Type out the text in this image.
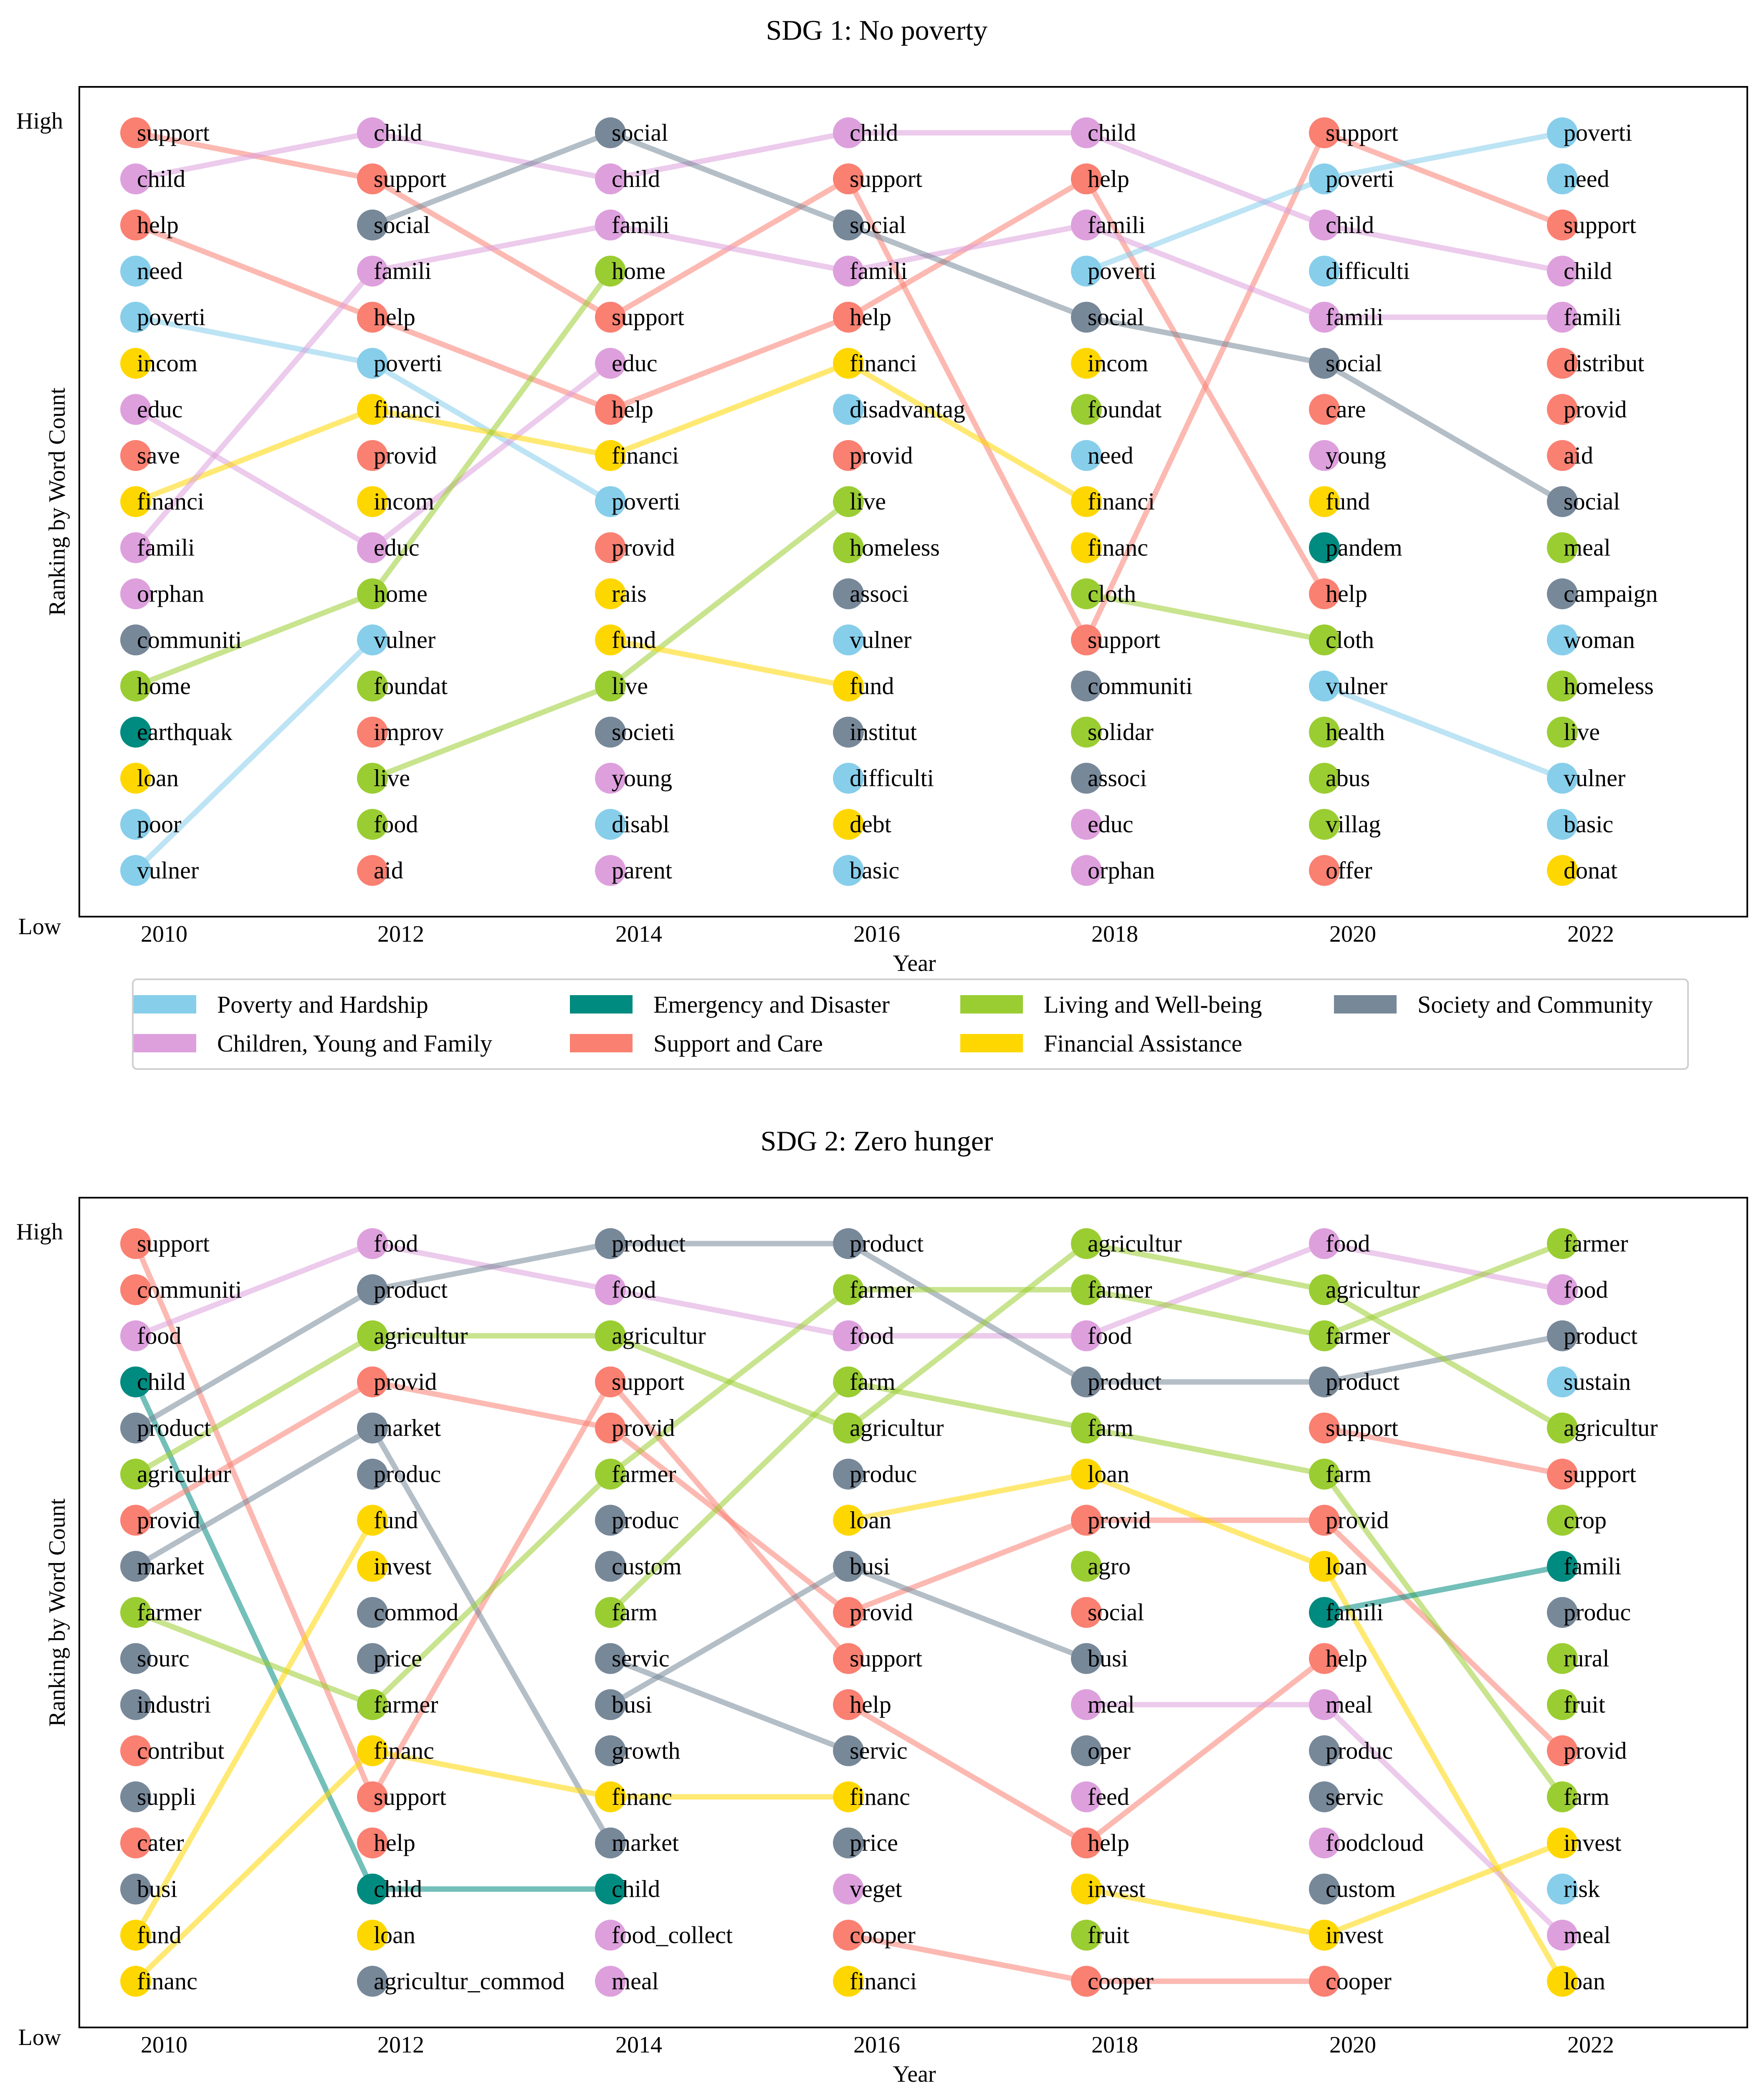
SDG 1: No poverty
High
Low
Ranking by Word Count
2010	2012	2014	2016	2018	2020	2022
Year
support
child
help
need
poverti
incom
educ
save
financi
famili
orphan
communiti
home
earthquak
loan
poor
vulner
child
support
social
famili
help
poverti
financi
provid
incom
educ
home
vulner
foundat
improv
live
food
aid
social
child
famili
home
support
educ
help
financi
poverti
provid
rais
fund
live
societi
young
disabl
parent
child
support
social
famili
help
financi
disadvantag
provid
live
homeless
associ
vulner
fund
institut
difficulti
debt
basic
child
help
famili
poverti
social
incom
foundat
need
financi
financ
cloth
support
communiti
solidar
associ
educ
orphan
support
poverti
child
difficulti
famili
social
care
young
fund
pandem
help
cloth
vulner
health
abus
villag
offer
poverti
need
support
child
famili
distribut
provid
aid
social
meal
campaign
woman
homeless
live
vulner
basic
donat
Poverty and Hardship	Emergency and Disaster	Living and Well-being	Society and Community
Children, Young and Family	Support and Care	Financial Assistance
SDG 2: Zero hunger
High
Low
Ranking by Word Count
2010	2012	2014	2016	2018	2020	2022
Year
support
communiti
food
child
product
agricultur
provid
market
farmer
sourc
industri
contribut
suppli
cater
busi
fund
financ
food
product
agricultur
provid
market
produc
fund
invest
commod
price
farmer
financ
support
help
child
loan
agricultur_commod
product
food
agricultur
support
provid
farmer
produc
custom
farm
servic
busi
growth
financ
market
child
food_collect
meal
product
farmer
food
farm
agricultur
produc
loan
busi
provid
support
help
servic
financ
price
veget
cooper
financi
agricultur
farmer
food
product
farm
loan
provid
agro
social
busi
meal
oper
feed
help
invest
fruit
cooper
food
agricultur
farmer
product
support
farm
provid
loan
famili
help
meal
produc
servic
foodcloud
custom
invest
cooper
farmer
food
product
sustain
agricultur
support
crop
famili
produc
rural
fruit
provid
farm
invest
risk
meal
loan
